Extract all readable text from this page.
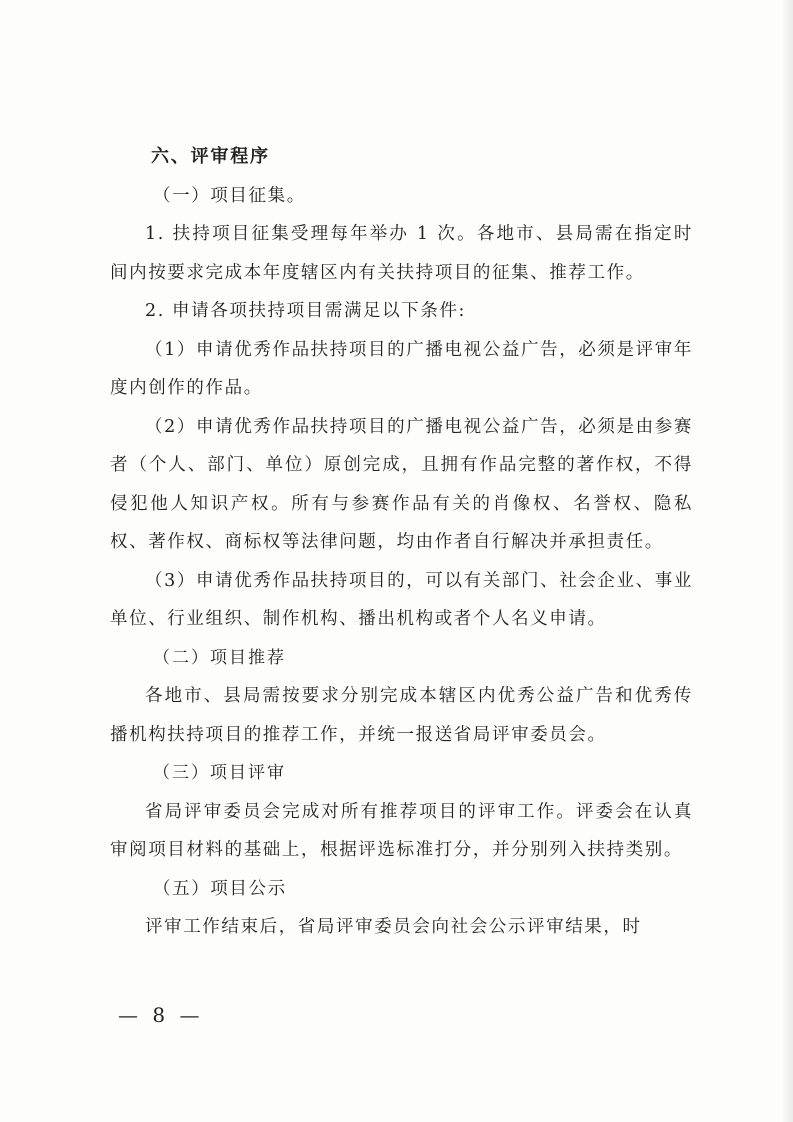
六、评审程序

（一）项目征集。

1. 扶持项目征集受理每年举办 1 次。各地市、县局需在指定时间内按要求完成本年度辖区内有关扶持项目的征集、推荐工作。

2. 申请各项扶持项目需满足以下条件:

（1）申请优秀作品扶持项目的广播电视公益广告，必须是评审年度内创作的作品。

（2）申请优秀作品扶持项目的广播电视公益广告，必须是由参赛者（个人、部门、单位）原创完成，且拥有作品完整的著作权，不得侵犯他人知识产权。所有与参赛作品有关的肖像权、名誉权、隐私权、著作权、商标权等法律问题，均由作者自行解决并承担责任。

（3）申请优秀作品扶持项目的，可以有关部门、社会企业、事业单位、行业组织、制作机构、播出机构或者个人名义申请。

（二）项目推荐

各地市、县局需按要求分别完成本辖区内优秀公益广告和优秀传播机构扶持项目的推荐工作，并统一报送省局评审委员会。

（三）项目评审

省局评审委员会完成对所有推荐项目的评审工作。评委会在认真审阅项目材料的基础上，根据评选标准打分，并分别列入扶持类别。

（五）项目公示

评审工作结束后，省局评审委员会向社会公示评审结果，时

— 8 —
